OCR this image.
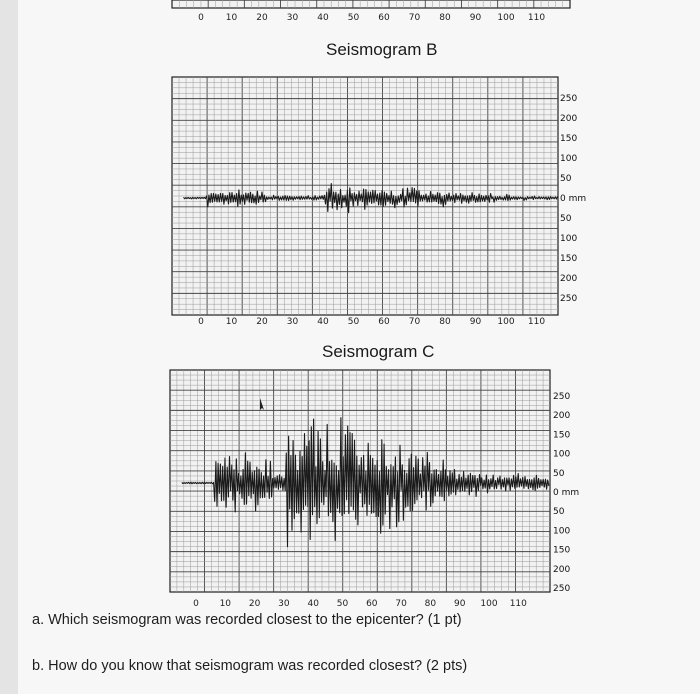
0 10 20 30 40 50 60 70 80 90 100 110
250
200
150
100
50
0 mm
50
100
150
200
250
0 10 20 30 40 50 60 70 80 90 100 110
250
200
150
100
50
0 mm
50
100
150
200
250
0 10 20 30 40 50 60 70 80 90 100 110
Seismogram B
Seismogram C
a. Which seismogram was recorded closest to the epicenter? (1 pt)
b. How do you know that seismogram was recorded closest? (2 pts)
